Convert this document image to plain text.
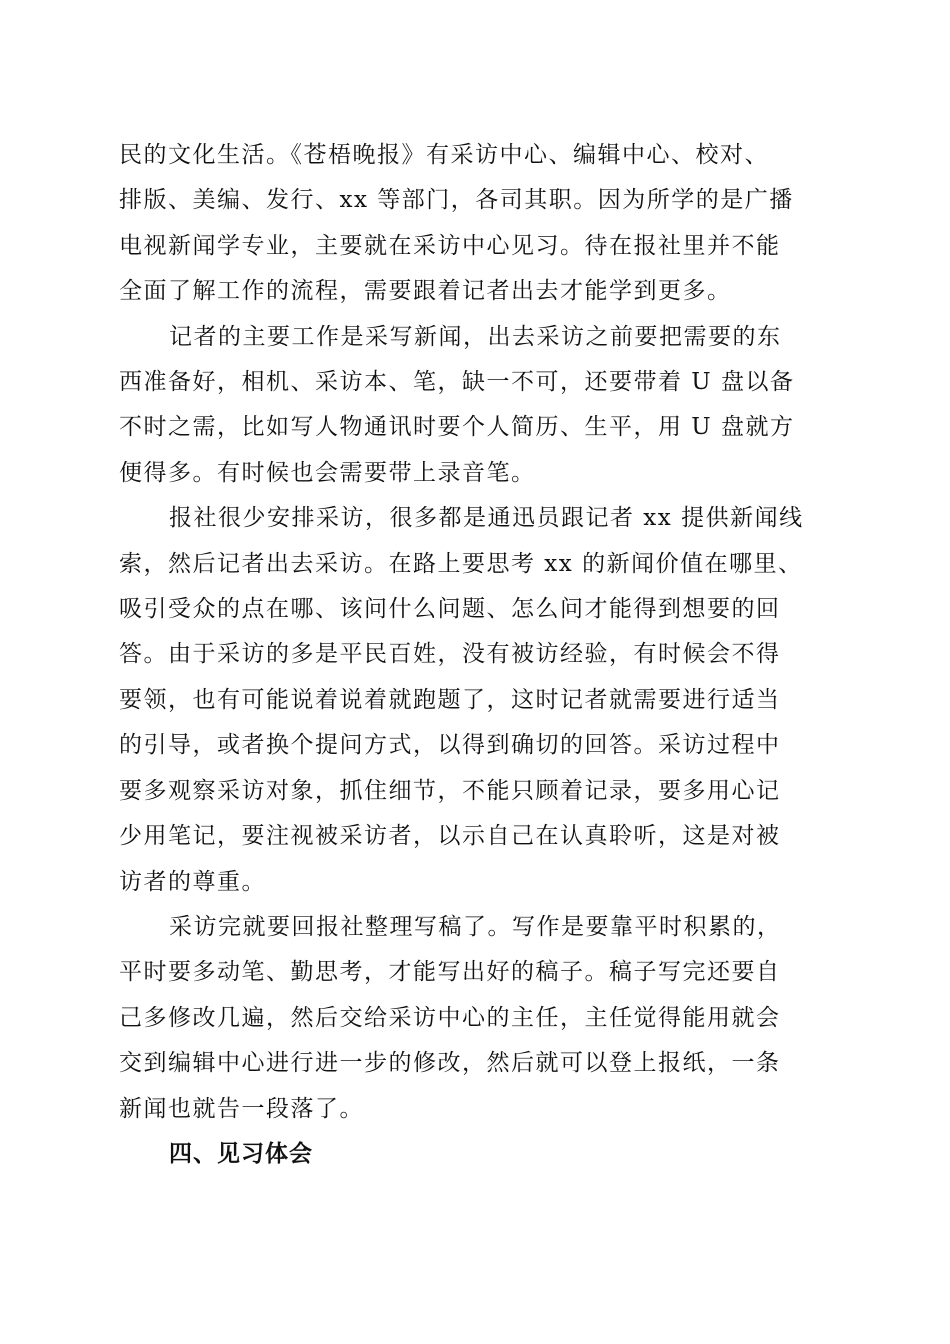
民的文化生活。《苍梧晚报》有采访中心、编辑中心、校对、
排版、美编、发行、xx 等部门，各司其职。因为所学的是广播
电视新闻学专业，主要就在采访中心见习。待在报社里并不能
全面了解工作的流程，需要跟着记者出去才能学到更多。

记者的主要工作是采写新闻，出去采访之前要把需要的东
西准备好，相机、采访本、笔，缺一不可，还要带着 U 盘以备
不时之需，比如写人物通讯时要个人简历、生平，用 U 盘就方
便得多。有时候也会需要带上录音笔。

报社很少安排采访，很多都是通迅员跟记者 xx 提供新闻线
索，然后记者出去采访。在路上要思考 xx 的新闻价值在哪里、
吸引受众的点在哪、该问什么问题、怎么问才能得到想要的回
答。由于采访的多是平民百姓，没有被访经验，有时候会不得
要领，也有可能说着说着就跑题了，这时记者就需要进行适当
的引导，或者换个提问方式，以得到确切的回答。采访过程中
要多观察采访对象，抓住细节，不能只顾着记录，要多用心记
少用笔记，要注视被采访者，以示自己在认真聆听，这是对被
访者的尊重。

采访完就要回报社整理写稿了。写作是要靠平时积累的，
平时要多动笔、勤思考，才能写出好的稿子。稿子写完还要自
己多修改几遍，然后交给采访中心的主任，主任觉得能用就会
交到编辑中心进行进一步的修改，然后就可以登上报纸，一条
新闻也就告一段落了。

四、见习体会
